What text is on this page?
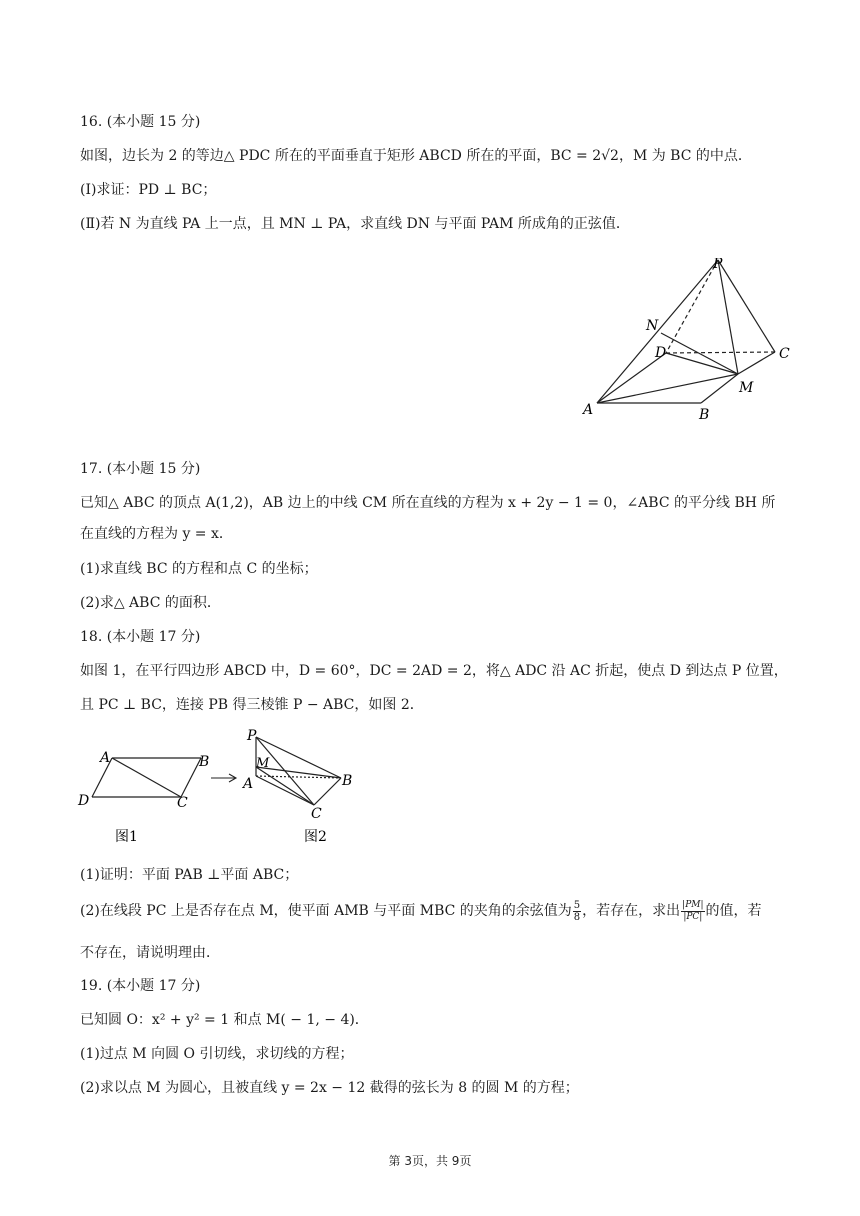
16. (本小题 15 分)
如图，边长为 2 的等边△ PDC 所在的平面垂直于矩形 ABCD 所在的平面，BC = 2√2，M 为 BC 的中点．
(Ⅰ)求证：PD ⊥ BC；
(Ⅱ)若 N 为直线 PA 上一点，且 MN ⊥ PA，求直线 DN 与平面 PAM 所成角的正弦值．
P
N
D	C
M
A	B
17. (本小题 15 分)
已知△ ABC 的顶点 A(1,2)，AB 边上的中线 CM 所在直线的方程为 x + 2y − 1 = 0，∠ABC 的平分线 BH 所
在直线的方程为 y = x．
(1)求直线 BC 的方程和点 C 的坐标；
(2)求△ ABC 的面积．
18. (本小题 17 分)
如图 1，在平行四边形 ABCD 中，D = 60°，DC = 2AD = 2，将△ ADC 沿 AC 折起，使点 D 到达点 P 位置，
且 PC ⊥ BC，连接 PB 得三棱锥 P − ABC，如图 2．
A	B
C
D
P
M
A	B
C
图1	图2
(1)证明：平面 PAB ⊥平面 ABC；
(2)在线段 PC 上是否存在点 M，使平面 AMB 与平面 MBC 的夹角的余弦值为 $\frac{5}{8}$ ，若存在，求出 $\frac{|PM|}{|PC|}$ 的值，若
不存在，请说明理由．
19. (本小题 17 分)
已知圆 O：x² + y² = 1 和点 M( − 1, − 4)．
(1)过点 M 向圆 O 引切线，求切线的方程；
(2)求以点 M 为圆心，且被直线 y = 2x − 12 截得的弦长为 8 的圆 M 的方程；
第 3页，共 9页
